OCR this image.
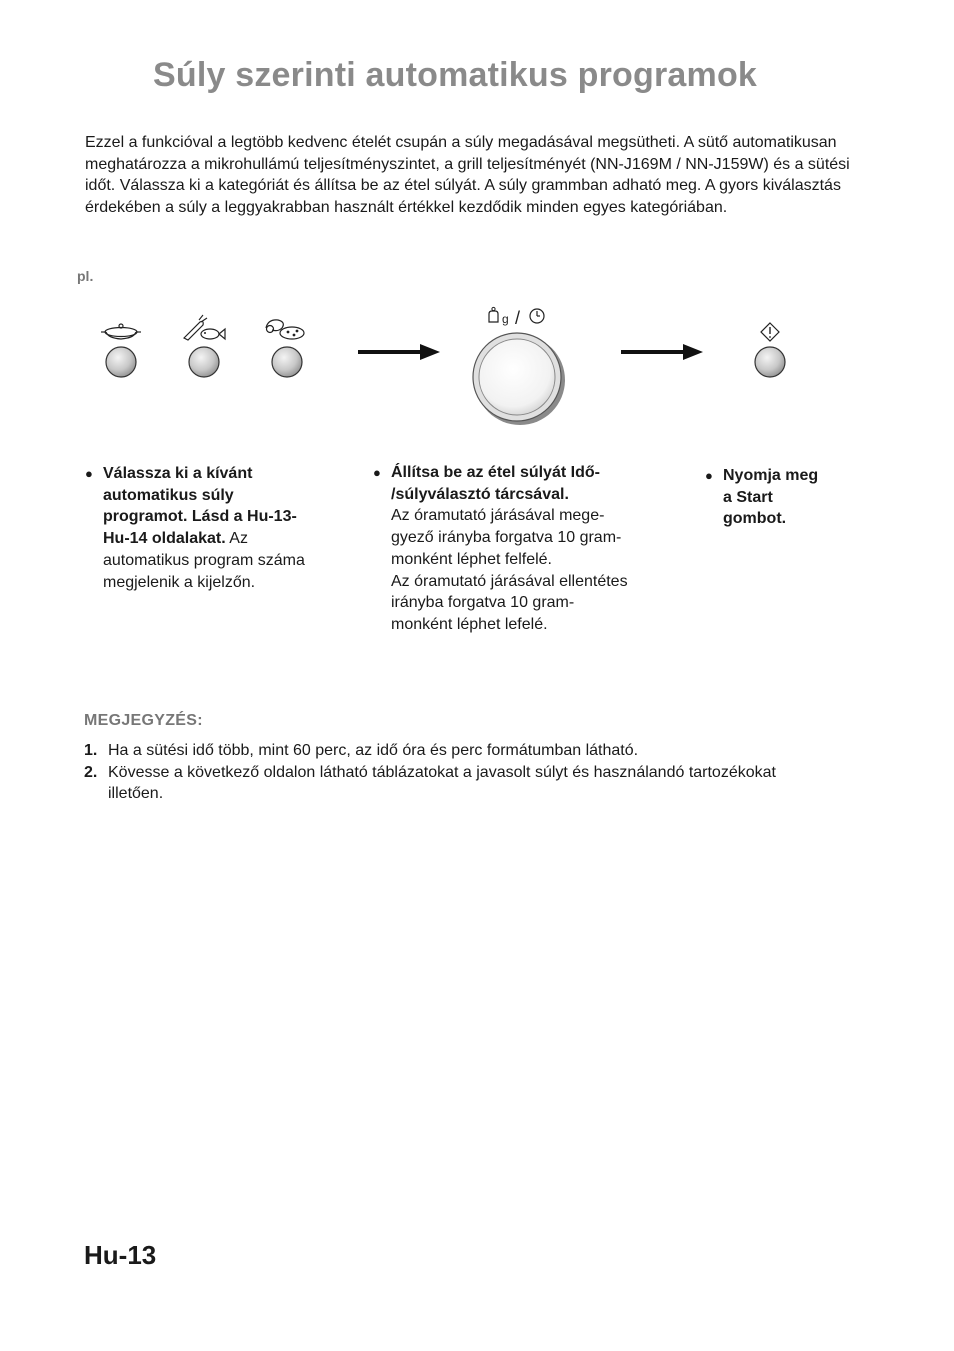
Súly szerinti automatikus programok
Ezzel a funkcióval a legtöbb kedvenc ételét csupán a súly megadásával megsütheti. A sütő automatikusan meghatározza a mikrohullámú teljesítményszintet, a grill teljesítményét (NN-J169M / NN-J159W) és a sütési időt. Válassza ki a kategóriát és állítsa be az étel súlyát. A súly grammban adható meg. A gyors kiválasztás érdekében a súly a leggyakrabban használt értékkel kezdődik minden egyes kategóriában.
pl.
g /
● Válassza ki a kívánt
automatikus súly
programot. Lásd a Hu-13-
Hu-14 oldalakat. Az
automatikus program száma
megjelenik a kijelzőn.
● Állítsa be az étel súlyát Idő-
/súlyválasztó tárcsával.
Az óramutató járásával mege-
gyező irányba forgatva 10 gram-
monként léphet felfelé.
Az óramutató járásával ellentétes
irányba forgatva 10 gram-
monként léphet lefelé.
● Nyomja meg
a Start
gombot.
MEGJEGYZÉS:
1. Ha a sütési idő több, mint 60 perc, az idő óra és perc formátumban látható.
2. Kövesse a következő oldalon látható táblázatokat a javasolt súlyt és használandó tartozékokat
illetően.
Hu-13
